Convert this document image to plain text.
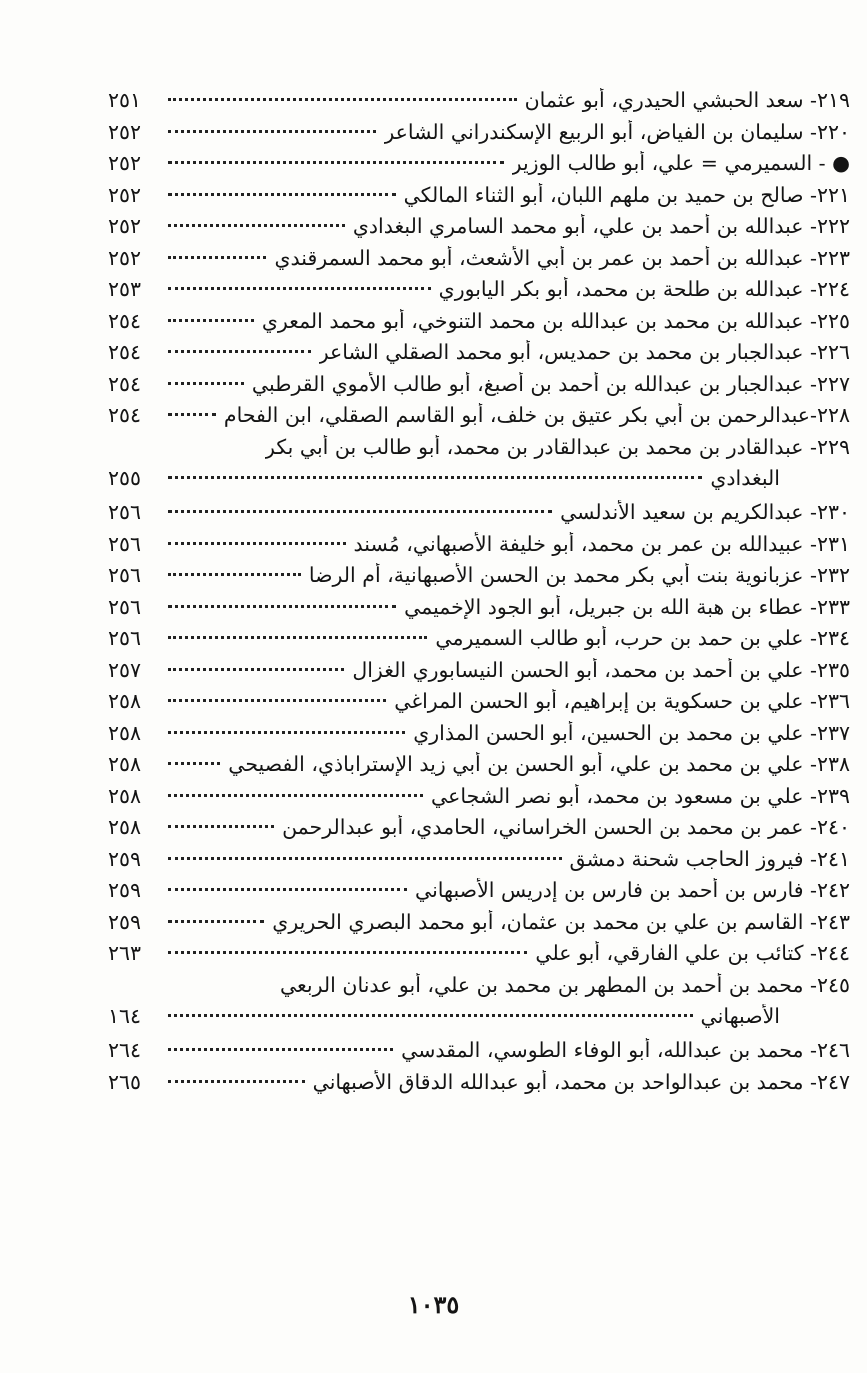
٢١٩- سعد الحبشي الحيدري، أبو عثمان
٢٥١
٢٢٠- سليمان بن الفياض، أبو الربيع الإسكندراني الشاعر
٢٥٢
● - السميرمي = علي، أبو طالب الوزير
٢٥٢
٢٢١- صالح بن حميد بن ملهم اللبان، أبو الثناء المالكي
٢٥٢
٢٢٢- عبدالله بن أحمد بن علي، أبو محمد السامري البغدادي
٢٥٢
٢٢٣- عبدالله بن أحمد بن عمر بن أبي الأشعث، أبو محمد السمرقندي
٢٥٢
٢٢٤- عبدالله بن طلحة بن محمد، أبو بكر اليابوري
٢٥٣
٢٢٥- عبدالله بن محمد بن عبدالله بن محمد التنوخي، أبو محمد المعري
٢٥٤
٢٢٦- عبدالجبار بن محمد بن حمديس، أبو محمد الصقلي الشاعر
٢٥٤
٢٢٧- عبدالجبار بن عبدالله بن أحمد بن أصبغ، أبو طالب الأموي القرطبي
٢٥٤
٢٢٨-عبدالرحمن بن أبي بكر عتيق بن خلف، أبو القاسم الصقلي، ابن الفحام
٢٥٤
٢٢٩- عبدالقادر بن محمد بن عبدالقادر بن محمد، أبو طالب بن أبي بكر
البغدادي
٢٥٥
٢٣٠- عبدالكريم بن سعيد الأندلسي
٢٥٦
٢٣١- عبيدالله بن عمر بن محمد، أبو خليفة الأصبهاني، مُسند
٢٥٦
٢٣٢- عزبانوية بنت أبي بكر محمد بن الحسن الأصبهانية، أم الرضا
٢٥٦
٢٣٣- عطاء بن هبة الله بن جبريل، أبو الجود الإخميمي
٢٥٦
٢٣٤- علي بن حمد بن حرب، أبو طالب السميرمي
٢٥٦
٢٣٥- علي بن أحمد بن محمد، أبو الحسن النيسابوري الغزال
٢٥٧
٢٣٦- علي بن حسكوية بن إبراهيم، أبو الحسن المراغي
٢٥٨
٢٣٧- علي بن محمد بن الحسين، أبو الحسن المذاري
٢٥٨
٢٣٨- علي بن محمد بن علي، أبو الحسن بن أبي زيد الإستراباذي، الفصيحي
٢٥٨
٢٣٩- علي بن مسعود بن محمد، أبو نصر الشجاعي
٢٥٨
٢٤٠- عمر بن محمد بن الحسن الخراساني، الحامدي، أبو عبدالرحمن
٢٥٨
٢٤١- فيروز الحاجب شحنة دمشق
٢٥٩
٢٤٢- فارس بن أحمد بن فارس بن إدريس الأصبهاني
٢٥٩
٢٤٣- القاسم بن علي بن محمد بن عثمان، أبو محمد البصري الحريري
٢٥٩
٢٤٤- كتائب بن علي الفارقي، أبو علي
٢٦٣
٢٤٥- محمد بن أحمد بن المطهر بن محمد بن علي، أبو عدنان الربعي
الأصبهاني
١٦٤
٢٤٦- محمد بن عبدالله، أبو الوفاء الطوسي، المقدسي
٢٦٤
٢٤٧- محمد بن عبدالواحد بن محمد، أبو عبدالله الدقاق الأصبهاني
٢٦٥
١٠٣٥
